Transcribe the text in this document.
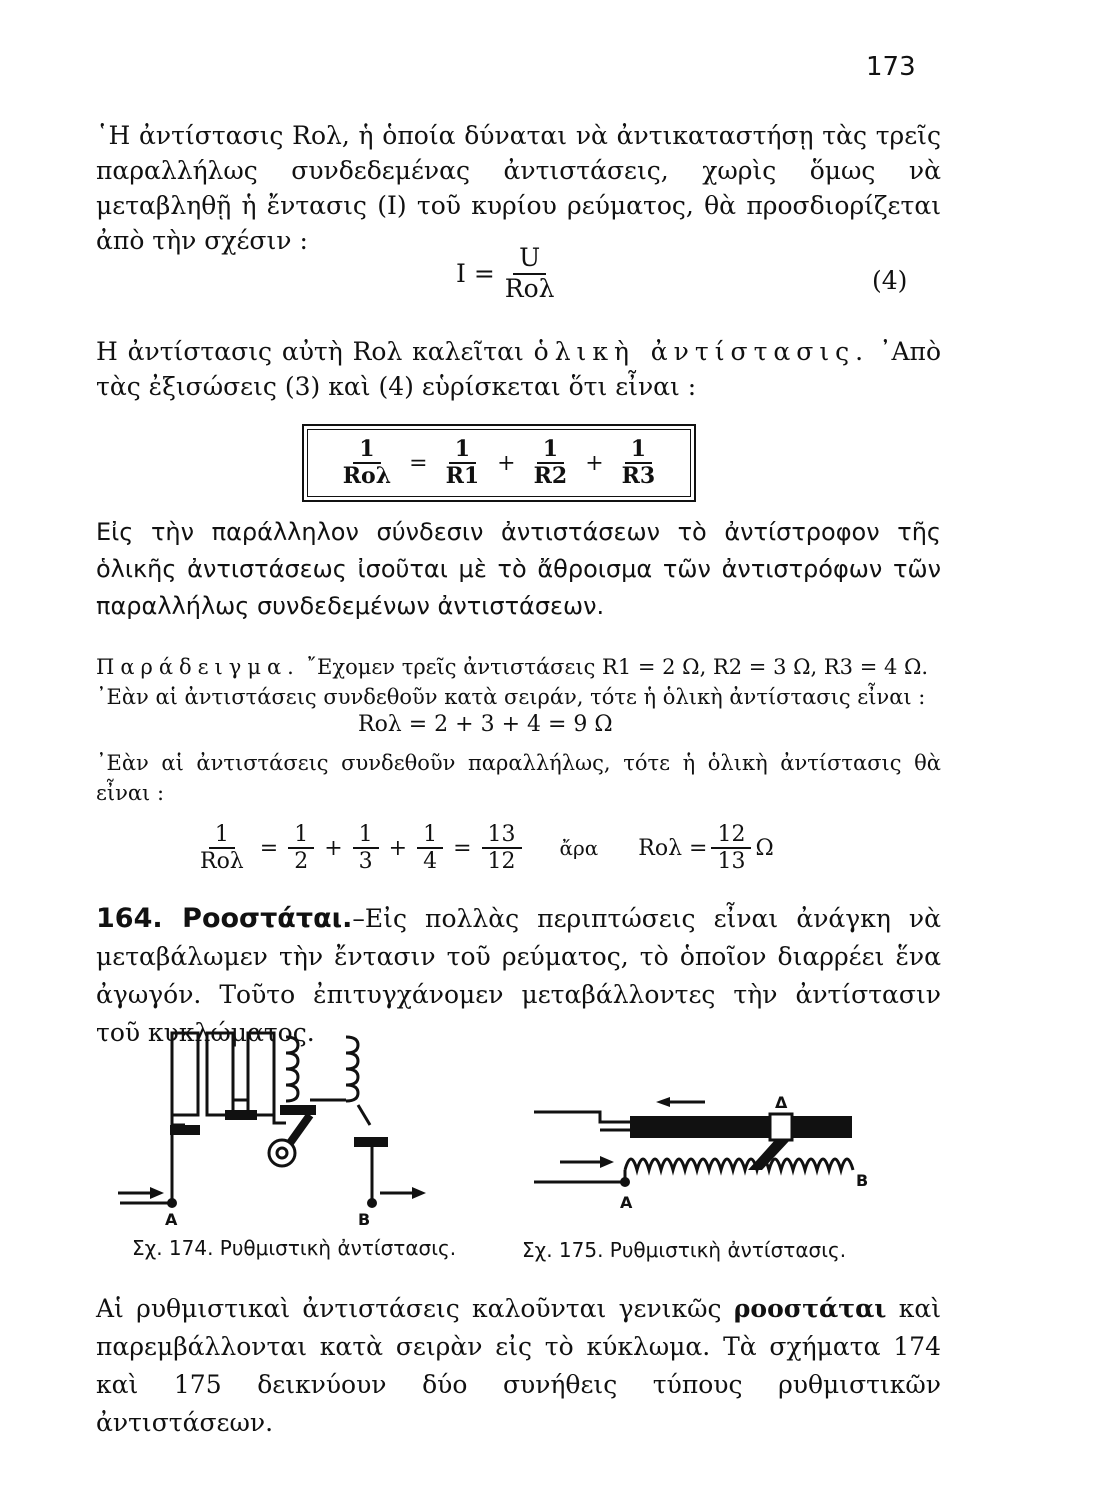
173

῾Η ἀντίστασις Rολ, ἡ ὁποία δύναται νὰ ἀντικαταστήσῃ τὰς τρεῖς παραλλήλως συνδεδεμένας ἀντιστάσεις, χωρὶς ὅμως νὰ μεταβληθῇ ἡ ἔντασις (I) τοῦ κυρίου ρεύματος, θὰ προσδιορίζεται ἀπὸ τὴν σχέσιν :

$I = \frac{U}{\text{Rολ}}$	(4)

Η ἀντίστασις αὐτὴ Rολ καλεῖται ὁλικὴ ἀντίστασις. ᾿Απὸ τὰς ἐξισώσεις (3) καὶ (4) εὑρίσκεται ὅτι εἶναι :

$\frac{1}{\text{Rολ}} = \frac{1}{R1} + \frac{1}{R2} + \frac{1}{R3}$

Εἰς τὴν παράλληλον σύνδεσιν ἀντιστάσεων τὸ ἀντίστροφον τῆς ὁλικῆς ἀντιστάσεως ἰσοῦται μὲ τὸ ἄθροισμα τῶν ἀντιστρόφων τῶν παραλλήλως συνδεδεμένων ἀντιστάσεων.

Παράδειγμα. ῎Εχομεν τρεῖς ἀντιστάσεις R1 = 2 Ω, R2 = 3 Ω, R3 = 4 Ω.

᾿Εὰν αἱ ἀντιστάσεις συνδεθοῦν κατὰ σειράν, τότε ἡ ὁλικὴ ἀντίστασις εἶναι :

Rολ = 2 + 3 + 4 = 9 Ω

᾿Εὰν αἱ ἀντιστάσεις συνδεθοῦν παραλλήλως, τότε ἡ ὁλικὴ ἀντίστασις θὰ εἶναι :

$\frac{1}{\text{Rολ}} = \frac{1}{2} + \frac{1}{3} + \frac{1}{4} = \frac{13}{12}$ ἄρα $Ro\lambda = \frac{12}{13}$ Ω

164. Ροοστάται.–Εἰς πολλὰς περιπτώσεις εἶναι ἀνάγκη νὰ μεταβάλωμεν τὴν ἔντασιν τοῦ ρεύματος, τὸ ὁποῖον διαρρέει ἕνα ἀγωγόν. Τοῦτο ἐπιτυγχάνομεν μεταβάλλοντες τὴν ἀντίστασιν τοῦ κυκλώματος.

A	B
Σχ. 174. Ρυθμιστικὴ ἀντίστασις.
Δ
A
B
Σχ. 175. Ρυθμιστικὴ ἀντίστασις.

Αἱ ρυθμιστικαὶ ἀντιστάσεις καλοῦνται γενικῶς ροοστάται καὶ παρεμβάλλονται κατὰ σειρὰν εἰς τὸ κύκλωμα. Τὰ σχήματα 174 καὶ 175 δεικνύουν δύο συνήθεις τύπους ρυθμιστικῶν ἀντιστάσεων.
